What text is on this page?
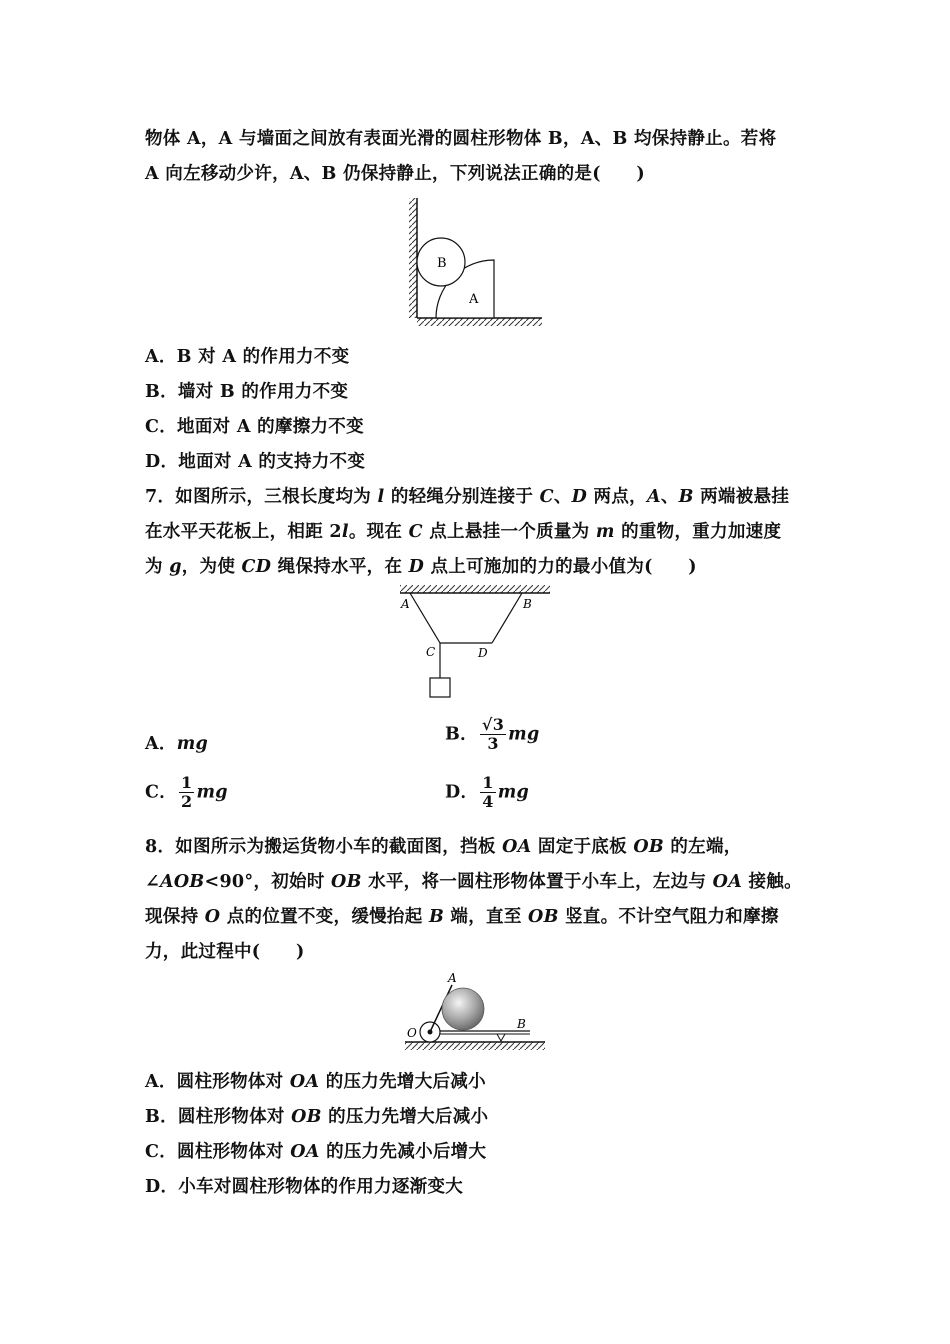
物体 A，A 与墙面之间放有表面光滑的圆柱形物体 B，A、B 均保持静止。若将
A 向左移动少许，A、B 仍保持静止，下列说法正确的是(　　)
B
A
A．B 对 A 的作用力不变
B．墙对 B 的作用力不变
C．地面对 A 的摩擦力不变
D．地面对 A 的支持力不变
7．如图所示，三根长度均为 l 的轻绳分别连接于 C、D 两点，A、B 两端被悬挂
在水平天花板上，相距 2l。现在 C 点上悬挂一个质量为 m 的重物，重力加速度
为 g，为使 CD 绳保持水平，在 D 点上可施加的力的最小值为(　　)
A	B
C	D
A．mg	B． $\frac{√3}{3}$ mg
C． $\frac{1}{2}$ mg	D． $\frac{1}{4}$ mg
8．如图所示为搬运货物小车的截面图，挡板 OA 固定于底板 OB 的左端，
∠AOB<90°，初始时 OB 水平，将一圆柱形物体置于小车上，左边与 OA 接触。
现保持 O 点的位置不变，缓慢抬起 B 端，直至 OB 竖直。不计空气阻力和摩擦
力，此过程中(　　)
A
O
B
A．圆柱形物体对 OA 的压力先增大后减小
B．圆柱形物体对 OB 的压力先增大后减小
C．圆柱形物体对 OA 的压力先减小后增大
D．小车对圆柱形物体的作用力逐渐变大
